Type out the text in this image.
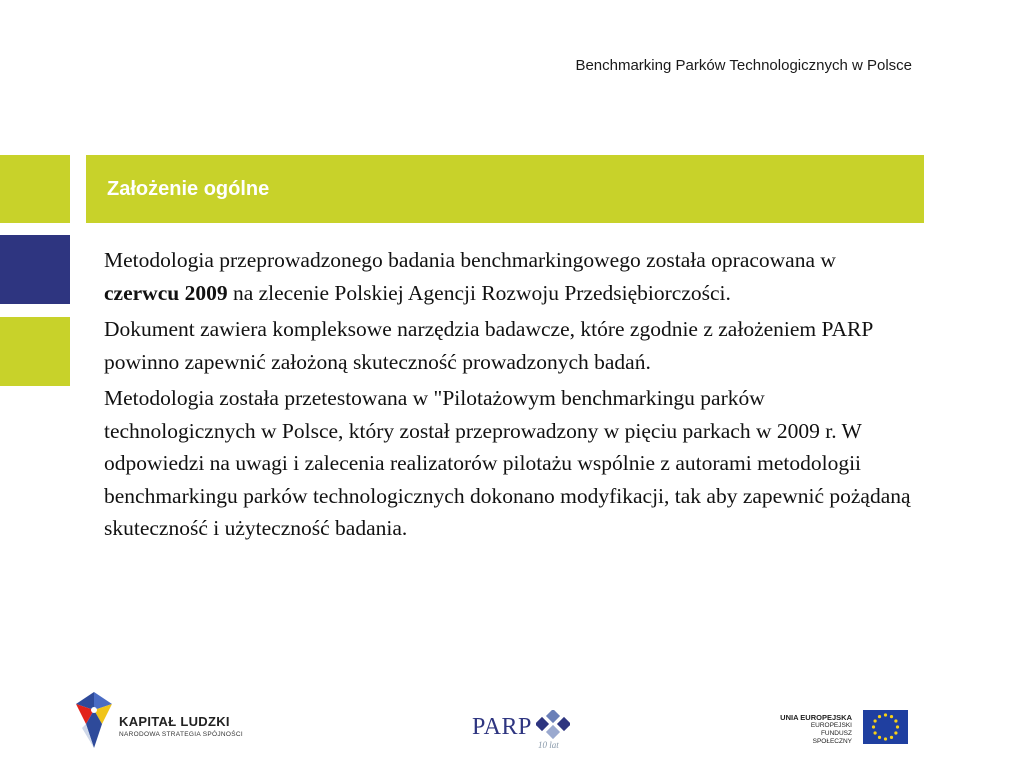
Benchmarking Parków Technologicznych w Polsce
Założenie ogólne

Metodologia przeprowadzonego badania benchmarkingowego została opracowana w czerwcu 2009 na zlecenie Polskiej Agencji Rozwoju Przedsiębiorczości.

Dokument zawiera kompleksowe narzędzia badawcze, które zgodnie z założeniem PARP powinno zapewnić założoną skuteczność prowadzonych badań.

Metodologia została przetestowana w "Pilotażowym benchmarkingu parków technologicznych w Polsce, który został przeprowadzony w pięciu parkach w 2009 r. W odpowiedzi na uwagi i zalecenia realizatorów pilotażu wspólnie z autorami metodologii benchmarkingu parków technologicznych dokonano modyfikacji, tak aby zapewnić pożądaną skuteczność i użyteczność badania.

KAPITAŁ LUDZKI
NARODOWA STRATEGIA SPÓJNOŚCI	PARP
10 lat
UNIA EUROPEJSKA
EUROPEJSKI
FUNDUSZ SPOŁECZNY
